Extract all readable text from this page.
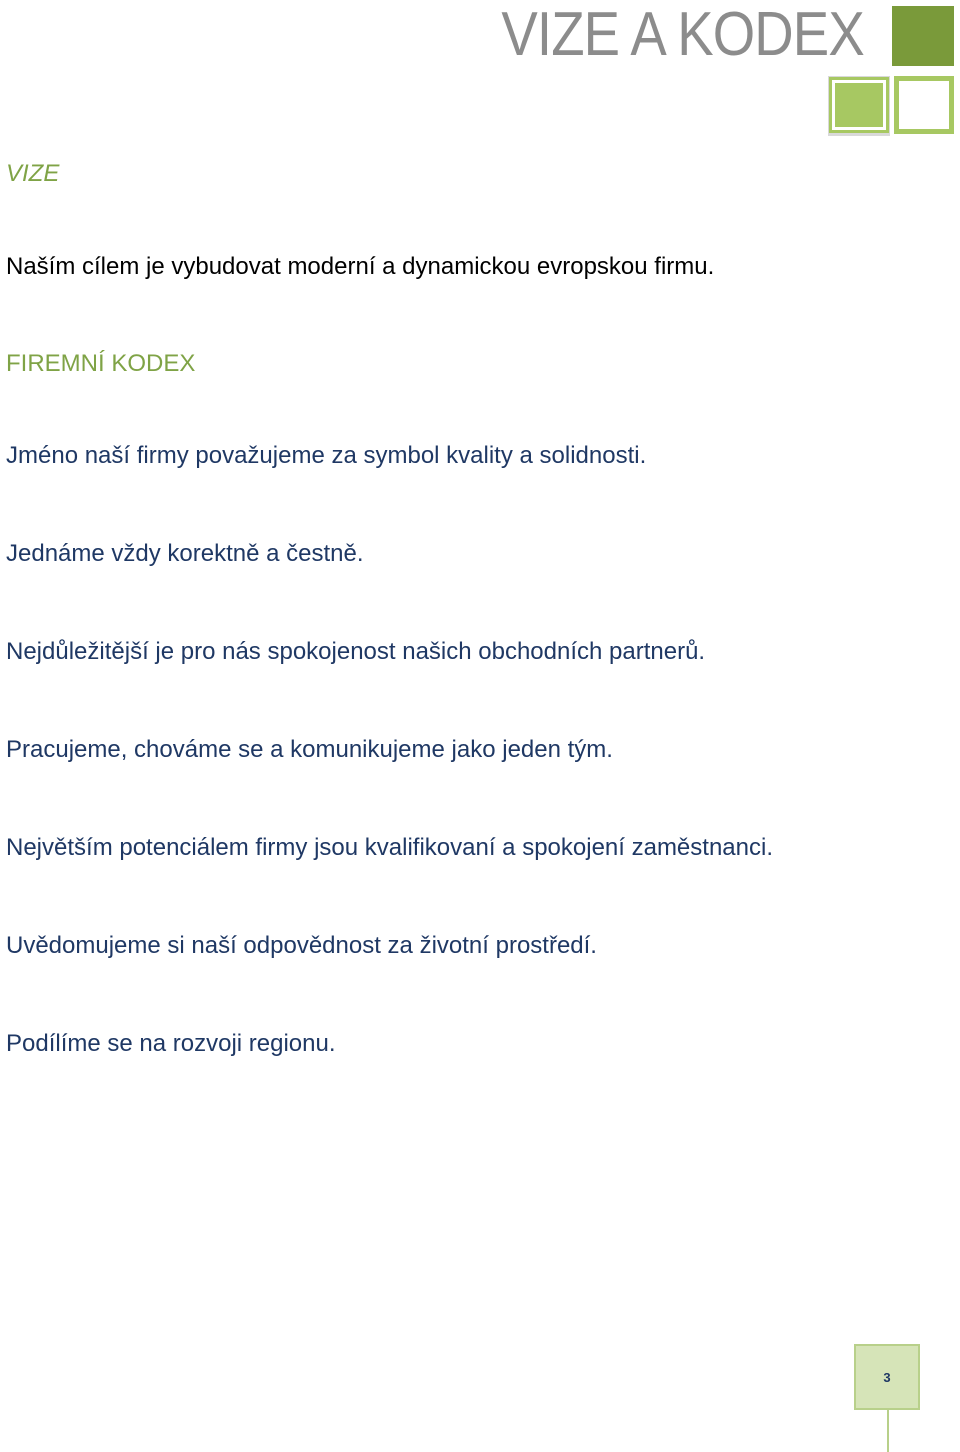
VIZE A KODEX
VIZE
Naším cílem je vybudovat moderní a dynamickou evropskou firmu.
FIREMNÍ KODEX
Jméno naší firmy považujeme za symbol kvality a solidnosti.
Jednáme vždy korektně a čestně.
Nejdůležitější je pro nás spokojenost našich obchodních partnerů.
Pracujeme, chováme se a komunikujeme jako jeden tým.
Největším potenciálem firmy jsou kvalifikovaní a spokojení zaměstnanci.
Uvědomujeme si naší odpovědnost za životní prostředí.
Podílíme se na rozvoji regionu.
3
